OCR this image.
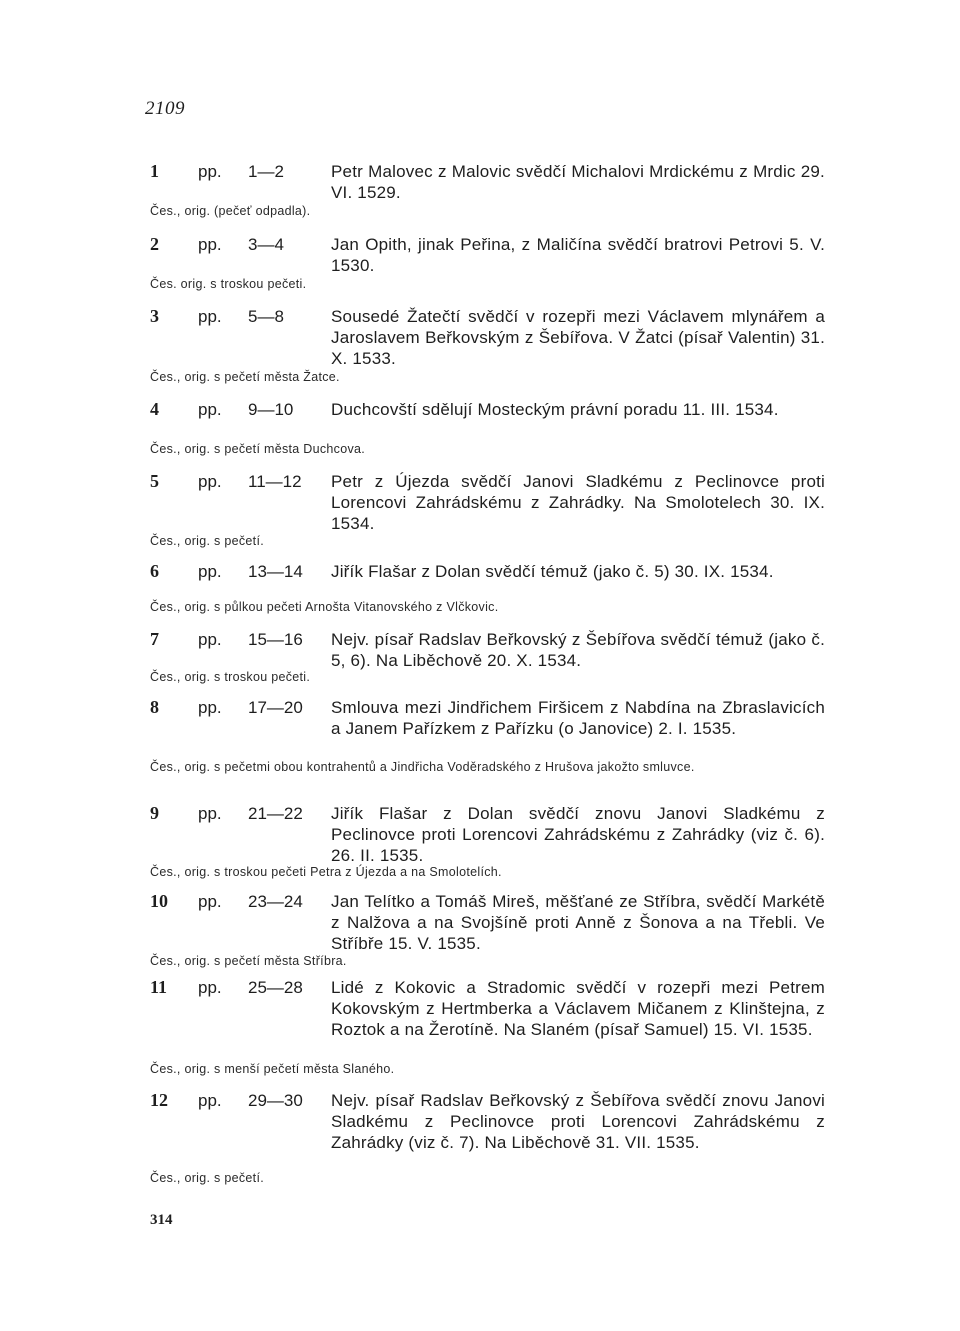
2109
1	pp. 1—2	Petr Malovec z Malovic svědčí Michalovi Mrdickému z Mrdic 29. VI. 1529.
Čes., orig. (pečeť odpadla).
2	pp. 3—4	Jan Opith, jinak Peřina, z Maličína svědčí bratrovi Petrovi 5. V. 1530.
Čes. orig. s troskou pečeti.
3	pp. 5—8	Sousedé Žatečtí svědčí v rozepři mezi Václavem mlynářem a Jaroslavem Beřkovským z Šebířova. V Žatci (písař Valentin) 31. X. 1533.
Čes., orig. s pečetí města Žatce.
4	pp. 9—10	Duchcovští sdělují Mosteckým právní poradu 11. III. 1534.
Čes., orig. s pečetí města Duchcova.
5	pp. 11—12	Petr z Újezda svědčí Janovi Sladkému z Peclinovce proti Lorencovi Zahrádskému z Zahrádky. Na Smolotelech 30. IX. 1534.
Čes., orig. s pečetí.
6	pp. 13—14	Jiřík Flašar z Dolan svědčí témuž (jako č. 5) 30. IX. 1534.
Čes., orig. s půlkou pečeti Arnošta Vitanovského z Vlčkovic.
7	pp. 15—16	Nejv. písař Radslav Beřkovský z Šebířova svědčí témuž (jako č. 5, 6). Na Liběchově 20. X. 1534.
Čes., orig. s troskou pečeti.
8	pp. 17—20	Smlouva mezi Jindřichem Firšicem z Nabdína na Zbraslavicích a Janem Pařízkem z Pařízku (o Janovice) 2. I. 1535.
Čes., orig. s pečetmi obou kontrahentů a Jindřicha Voděradského z Hrušova jakožto smluvce.
9	pp. 21—22	Jiřík Flašar z Dolan svědčí znovu Janovi Sladkému z Peclinovce proti Lorencovi Zahrádskému z Zahrádky (viz č. 6). 26. II. 1535.
Čes., orig. s troskou pečeti Petra z Újezda a na Smolotelích.
10	pp. 23—24	Jan Telítko a Tomáš Mireš, měšťané ze Stříbra, svědčí Markétě z Nalžova a na Svojšíně proti Anně z Šonova a na Třebli. Ve Stříbře 15. V. 1535.
Čes., orig. s pečetí města Stříbra.
11	pp. 25—28	Lidé z Kokovic a Stradomic svědčí v rozepři mezi Petrem Kokovským z Hertmberka a Václavem Mičanem z Klinštejna, z Roztok a na Žerotíně. Na Slaném (písař Samuel) 15. VI. 1535.
Čes., orig. s menší pečetí města Slaného.
12	pp. 29—30	Nejv. písař Radslav Beřkovský z Šebířova svědčí znovu Janovi Sladkému z Peclinovce proti Lorencovi Zahrádskému z Zahrádky (viz č. 7). Na Liběchově 31. VII. 1535.
Čes., orig. s pečetí.
314
